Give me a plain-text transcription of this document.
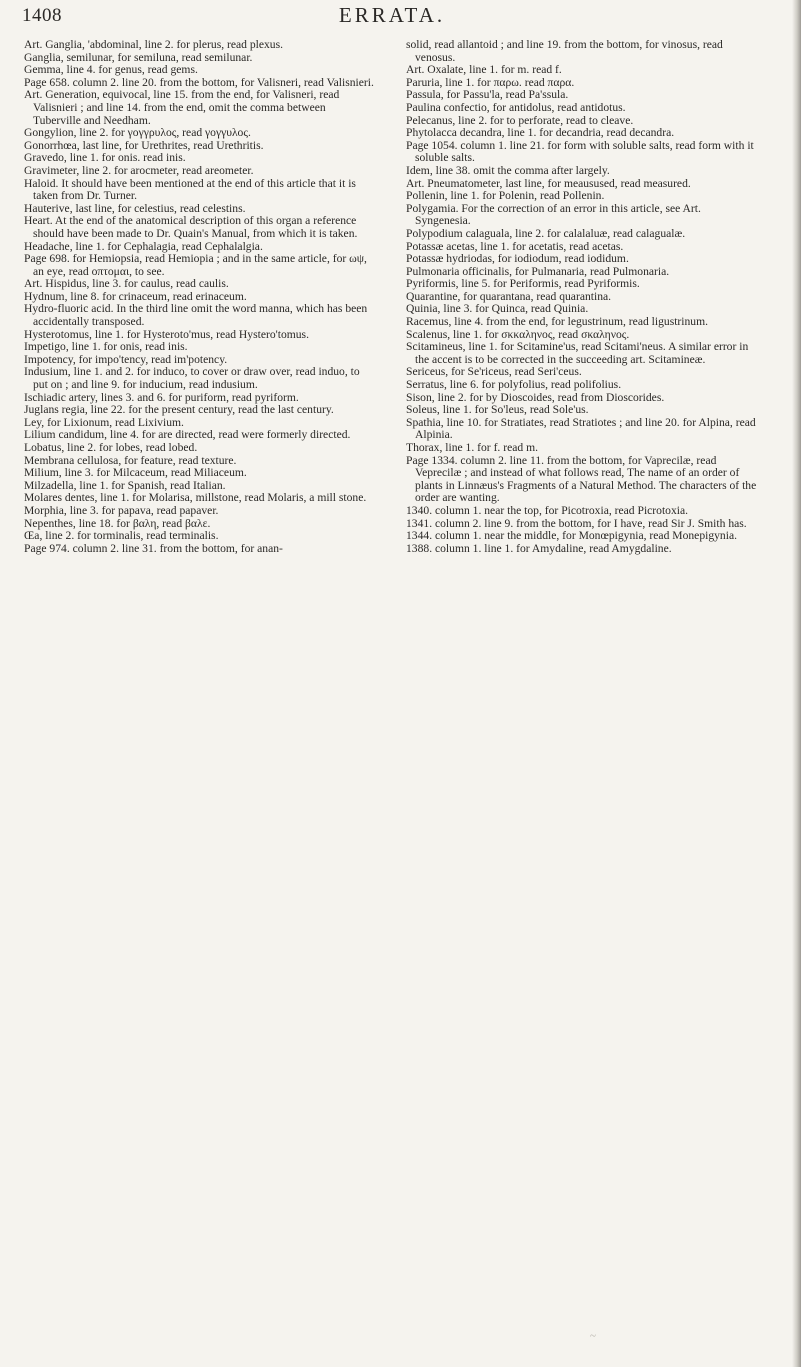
1408	ERRATA.

Art. Ganglia, 'abdominal, line 2. for plerus, read plexus.

Ganglia, semilunar, for semiluna, read semilunar.

Gemma, line 4. for genus, read gems.

Page 658. column 2. line 20. from the bottom, for Valisneri, read Valisnieri.

Art. Generation, equivocal, line 15. from the end, for Valisneri, read Valisnieri ; and line 14. from the end, omit the comma between Tuberville and Needham.

Gongylion, line 2. for γογγρυλος, read γογγυλος.

Gonorrhœa, last line, for Urethrites, read Urethritis.

Gravedo, line 1. for onis. read inis.

Gravimeter, line 2. for arocmeter, read areometer.

Haloid. It should have been mentioned at the end of this article that it is taken from Dr. Turner.

Hauterive, last line, for celestius, read celestins.

Heart. At the end of the anatomical description of this organ a reference should have been made to Dr. Quain's Manual, from which it is taken.

Headache, line 1. for Cephalagia, read Cephalalgia.

Page 698. for Hemiopsia, read Hemiopia ; and in the same article, for ωψ, an eye, read οπτομαι, to see.

Art. Hispidus, line 3. for caulus, read caulis.

Hydnum, line 8. for crinaceum, read erinaceum.

Hydro-fluoric acid. In the third line omit the word manna, which has been accidentally transposed.

Hysterotomus, line 1. for Hysteroto'mus, read Hystero'tomus.

Impetigo, line 1. for onis, read inis.

Impotency, for impo'tency, read im'potency.

Indusium, line 1. and 2. for induco, to cover or draw over, read induo, to put on ; and line 9. for inducium, read indusium.

Ischiadic artery, lines 3. and 6. for puriform, read pyriform.

Juglans regia, line 22. for the present century, read the last century.

Ley, for Lixionum, read Lixivium.

Lilium candidum, line 4. for are directed, read were formerly directed.

Lobatus, line 2. for lobes, read lobed.

Membrana cellulosa, for feature, read texture.

Milium, line 3. for Milcaceum, read Miliaceum.

Milzadella, line 1. for Spanish, read Italian.

Molares dentes, line 1. for Molarisa, millstone, read Molaris, a mill stone.

Morphia, line 3. for papava, read papaver.

Nepenthes, line 18. for βαλη, read βαλε.

Œa, line 2. for torminalis, read terminalis.

Page 974. column 2. line 31. from the bottom, for anan-

solid, read allantoid ; and line 19. from the bottom, for vinosus, read venosus.

Art. Oxalate, line 1. for m. read f.

Paruria, line 1. for παρω. read παρα.

Passula, for Passu'la, read Pa'ssula.

Paulina confectio, for antidolus, read antidotus.

Pelecanus, line 2. for to perforate, read to cleave.

Phytolacca decandra, line 1. for decandria, read decandra.

Page 1054. column 1. line 21. for form with soluble salts, read form with it soluble salts.

Idem, line 38. omit the comma after largely.

Art. Pneumatometer, last line, for meausused, read measured.

Pollenin, line 1. for Polenin, read Pollenin.

Polygamia. For the correction of an error in this article, see Art. Syngenesia.

Polypodium calaguala, line 2. for calalaluæ, read calagualæ.

Potassæ acetas, line 1. for acetatis, read acetas.

Potassæ hydriodas, for iodiodum, read iodidum.

Pulmonaria officinalis, for Pulmanaria, read Pulmonaria.

Pyriformis, line 5. for Periformis, read Pyriformis.

Quarantine, for quarantana, read quarantina.

Quinia, line 3. for Quinca, read Quinia.

Racemus, line 4. from the end, for legustrinum, read ligustrinum.

Scalenus, line 1. for σκκαληνος, read σκαληνος.

Scitamineus, line 1. for Scitamine'us, read Scitami'neus. A similar error in the accent is to be corrected in the succeeding art. Scitamineæ.

Sericeus, for Se'riceus, read Seri'ceus.

Serratus, line 6. for polyfolius, read polifolius.

Sison, line 2. for by Dioscoides, read from Dioscorides.

Soleus, line 1. for So'leus, read Sole'us.

Spathia, line 10. for Stratiates, read Stratiotes ; and line 20. for Alpina, read Alpinia.

Thorax, line 1. for f. read m.

Page 1334. column 2. line 11. from the bottom, for Vaprecilæ, read Veprecilæ ; and instead of what follows read, The name of an order of plants in Linnæus's Fragments of a Natural Method. The characters of the order are wanting.

1340. column 1. near the top, for Picotroxia, read Picrotoxia.

1341. column 2. line 9. from the bottom, for I have, read Sir J. Smith has.

1344. column 1. near the middle, for Monœpigynia, read Monepigynia.

1388. column 1. line 1. for Amydaline, read Amygdaline.

~
